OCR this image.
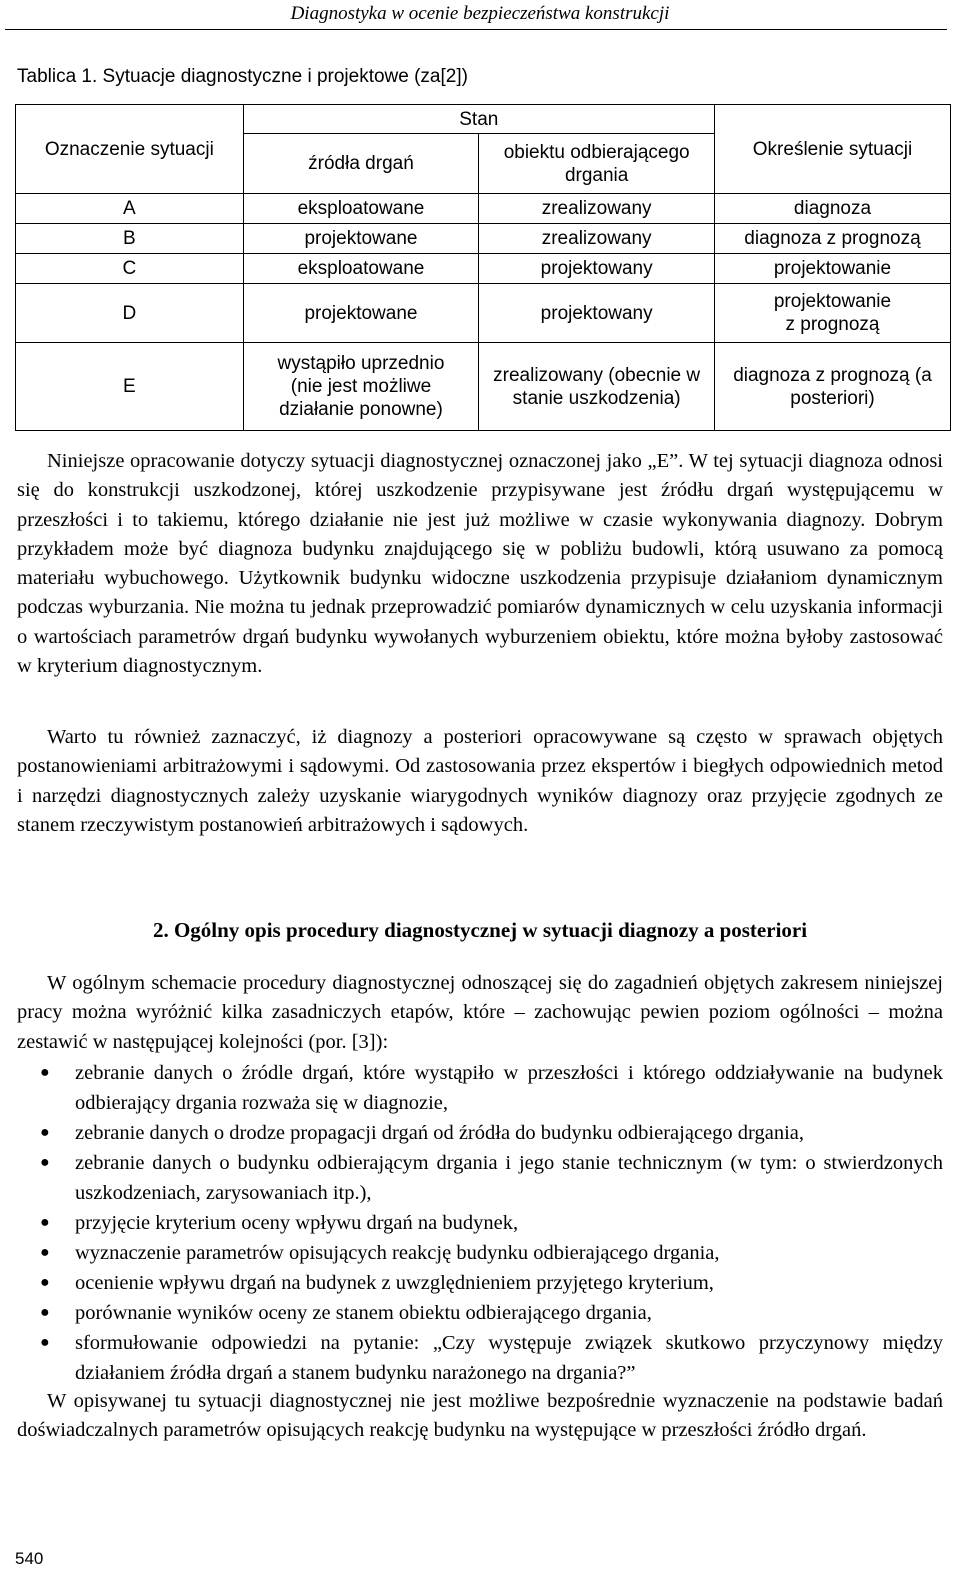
Diagnostyka w ocenie bezpieczeństwa konstrukcji
Tablica 1. Sytuacje diagnostyczne i projektowe (za[2])
Oznaczenie sytuacji	Stan		Określenie sytuacji
	źródła drgań	obiektu odbierającego drgania	
A	eksploatowane	zrealizowany	diagnoza
B	projektowane	zrealizowany	diagnoza z prognozą
C	eksploatowane	projektowany	projektowanie
D	projektowane	projektowany	projektowanie z prognozą
E	wystąpiło uprzednio (nie jest możliwe działanie ponowne)	zrealizowany (obecnie w stanie uszkodzenia)	diagnoza z prognozą (a posteriori)

Niniejsze opracowanie dotyczy sytuacji diagnostycznej oznaczonej jako „E”. W tej sytuacji diagnoza odnosi się do konstrukcji uszkodzonej, której uszkodzenie przypisywane jest źródłu drgań występującemu w przeszłości i to takiemu, którego działanie nie jest już możliwe w czasie wykonywania diagnozy. Dobrym przykładem może być diagnoza budynku znajdującego się w pobliżu budowli, którą usuwano za pomocą materiału wybuchowego. Użytkownik budynku widoczne uszkodzenia przypisuje działaniom dynamicznym podczas wyburzania. Nie można tu jednak przeprowadzić pomiarów dynamicznych w celu uzyskania informacji o wartościach parametrów drgań budynku wywołanych wyburzeniem obiektu, które można byłoby zastosować w kryterium diagnostycznym.

Warto tu również zaznaczyć, iż diagnozy a posteriori opracowywane są często w sprawach objętych postanowieniami arbitrażowymi i sądowymi. Od zastosowania przez ekspertów i biegłych odpowiednich metod i narzędzi diagnostycznych zależy uzyskanie wiarygodnych wyników diagnozy oraz przyjęcie zgodnych ze stanem rzeczywistym postanowień arbitrażowych i sądowych.

2. Ogólny opis procedury diagnostycznej w sytuacji diagnozy a posteriori

W ogólnym schemacie procedury diagnostycznej odnoszącej się do zagadnień objętych zakresem niniejszej pracy można wyróżnić kilka zasadniczych etapów, które – zachowując pewien poziom ogólności – można zestawić w następującej kolejności (por. [3]):

● zebranie danych o źródle drgań, które wystąpiło w przeszłości i którego oddziaływanie na budynek odbierający drgania rozważa się w diagnozie,
● zebranie danych o drodze propagacji drgań od źródła do budynku odbierającego drgania,
● zebranie danych o budynku odbierającym drgania i jego stanie technicznym (w tym: o stwierdzonych uszkodzeniach, zarysowaniach itp.),
● przyjęcie kryterium oceny wpływu drgań na budynek,
● wyznaczenie parametrów opisujących reakcję budynku odbierającego drgania,
● ocenienie wpływu drgań na budynek z uwzględnieniem przyjętego kryterium,
● porównanie wyników oceny ze stanem obiektu odbierającego drgania,
● sformułowanie odpowiedzi na pytanie: „Czy występuje związek skutkowo przyczynowy między działaniem źródła drgań a stanem budynku narażonego na drgania?”

W opisywanej tu sytuacji diagnostycznej nie jest możliwe bezpośrednie wyznaczenie na podstawie badań doświadczalnych parametrów opisujących reakcję budynku na występujące w przeszłości źródło drgań.

540
